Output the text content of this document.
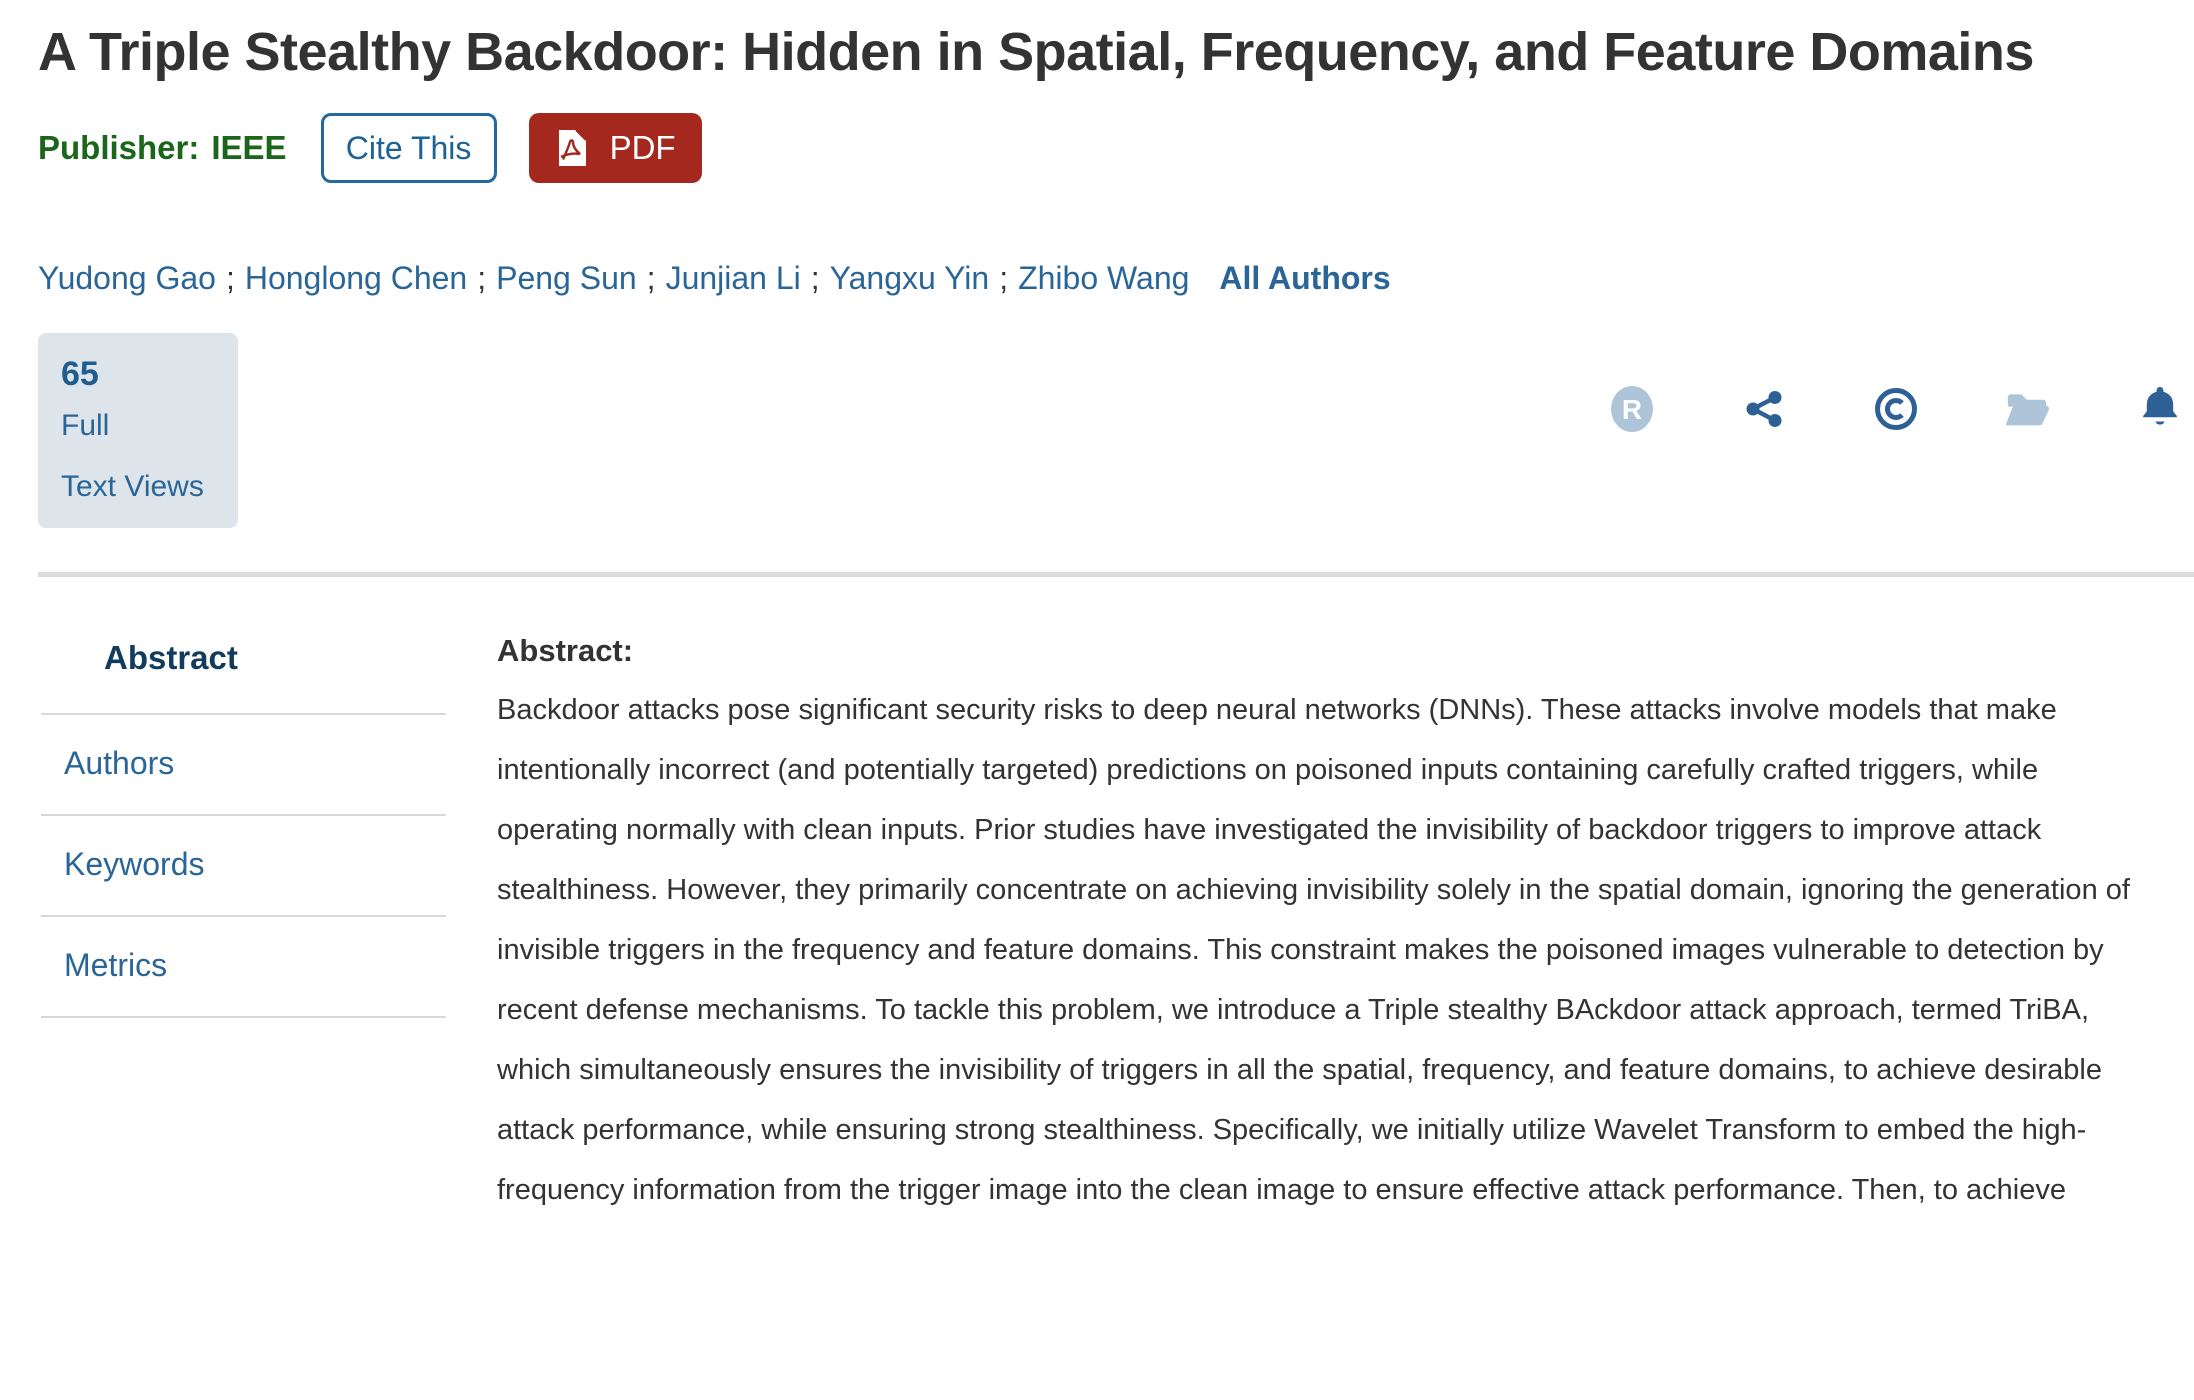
A Triple Stealthy Backdoor: Hidden in Spatial, Frequency, and Feature Domains
Publisher: IEEE	Cite This	PDF
Yudong Gao ; Honglong Chen ; Peng Sun ; Junjian Li ; Yangxu Yin ; Zhibo Wang All Authors
65
Full
Text Views
R
Abstract
Authors
Keywords
Metrics
Abstract:

Backdoor attacks pose significant security risks to deep neural networks (DNNs). These attacks involve models that make intentionally incorrect (and potentially targeted) predictions on poisoned inputs containing carefully crafted triggers, while operating normally with clean inputs. Prior studies have investigated the invisibility of backdoor triggers to improve attack stealthiness. However, they primarily concentrate on achieving invisibility solely in the spatial domain, ignoring the generation of invisible triggers in the frequency and feature domains. This constraint makes the poisoned images vulnerable to detection by recent defense mechanisms. To tackle this problem, we introduce a Triple stealthy BAckdoor attack approach, termed TriBA, which simultaneously ensures the invisibility of triggers in all the spatial, frequency, and feature domains, to achieve desirable attack performance, while ensuring strong stealthiness. Specifically, we initially utilize Wavelet Transform to embed the high-frequency information from the trigger image into the clean image to ensure effective attack performance. Then, to achieve
